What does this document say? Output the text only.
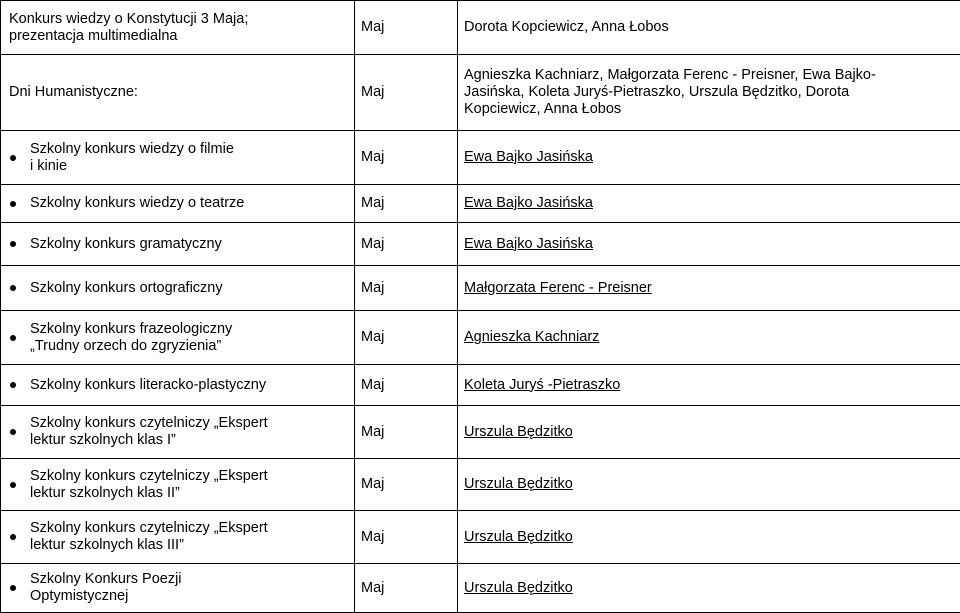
Konkurs wiedzy o Konstytucji 3 Maja;
prezentacja multimedialna	Maj	Dorota Kopciewicz, Anna Łobos

Dni Humanistyczne:	Maj	Agnieszka Kachniarz, Małgorzata Ferenc - Preisner, Ewa Bajko-
Jasińska, Koleta Juryś-Pietraszko, Urszula Będzitko, Dorota
Kopciewicz, Anna Łobos

Szkolny konkurs wiedzy o filmie
i kinie	Maj	Ewa Bajko Jasińska

Szkolny konkurs wiedzy o teatrze	Maj	Ewa Bajko Jasińska

Szkolny konkurs gramatyczny	Maj	Ewa Bajko Jasińska

Szkolny konkurs ortograficzny	Maj	Małgorzata Ferenc - Preisner

Szkolny konkurs frazeologiczny
„Trudny orzech do zgryzienia”	Maj	Agnieszka Kachniarz

Szkolny konkurs literacko-plastyczny	Maj	Koleta Juryś -Pietraszko

Szkolny konkurs czytelniczy „Ekspert
lektur szkolnych klas I”	Maj	Urszula Będzitko

Szkolny konkurs czytelniczy „Ekspert
lektur szkolnych klas II”	Maj	Urszula Będzitko

Szkolny konkurs czytelniczy „Ekspert
lektur szkolnych klas III”	Maj	Urszula Będzitko

Szkolny Konkurs Poezji
Optymistycznej	Maj	Urszula Będzitko
